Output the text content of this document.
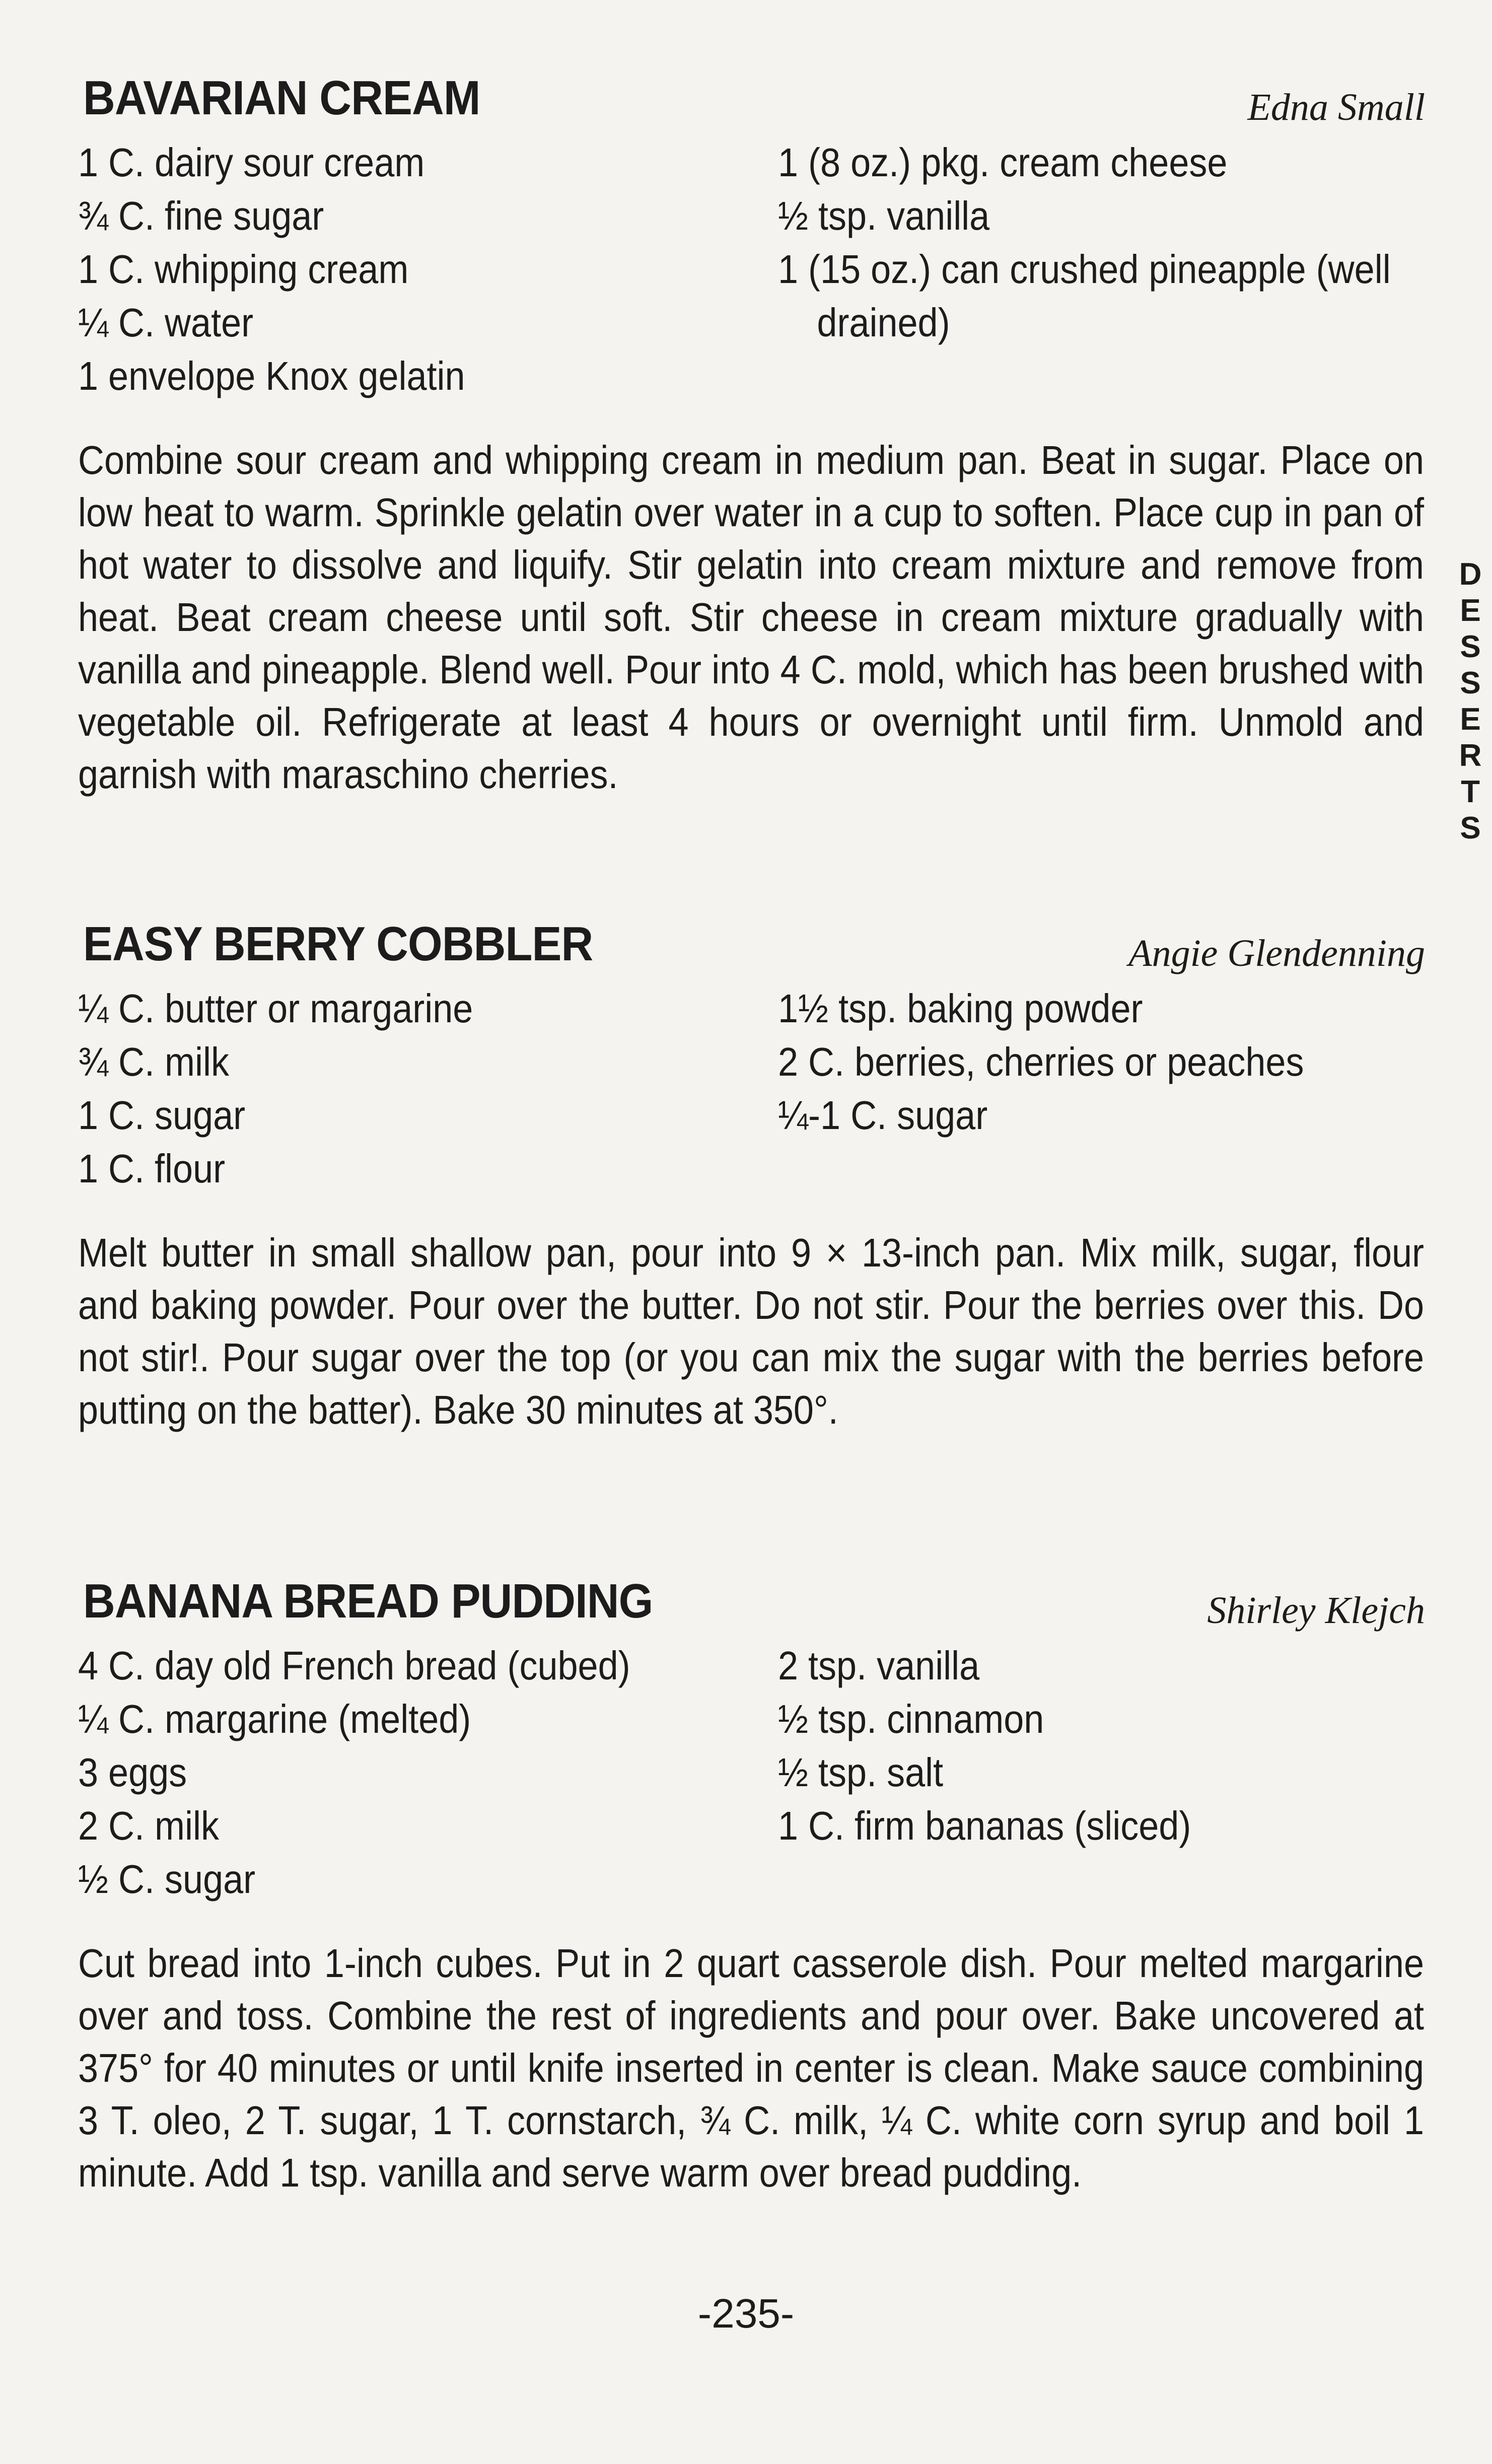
BAVARIAN CREAM	Edna Small
1 C. dairy sour cream
¾ C. fine sugar
1 C. whipping cream
¼ C. water
1 envelope Knox gelatin
1 (8 oz.) pkg. cream cheese
½ tsp. vanilla
1 (15 oz.) can crushed pineapple (well drained)

Combine sour cream and whipping cream in medium pan. Beat in sugar. Place on low heat to warm. Sprinkle gelatin over water in a cup to soften. Place cup in pan of hot water to dissolve and liquify. Stir gelatin into cream mixture and remove from heat. Beat cream cheese until soft. Stir cheese in cream mixture gradually with vanilla and pineapple. Blend well. Pour into 4 C. mold, which has been brushed with vegetable oil. Refrigerate at least 4 hours or overnight until firm. Unmold and garnish with maraschino cherries.

EASY BERRY COBBLER	Angie Glendenning
¼ C. butter or margarine
¾ C. milk
1 C. sugar
1 C. flour
1½ tsp. baking powder
2 C. berries, cherries or peaches
¼-1 C. sugar

Melt butter in small shallow pan, pour into 9 × 13-inch pan. Mix milk, sugar, flour and baking powder. Pour over the butter. Do not stir. Pour the berries over this. Do not stir!. Pour sugar over the top (or you can mix the sugar with the berries before putting on the batter). Bake 30 minutes at 350°.

BANANA BREAD PUDDING	Shirley Klejch
4 C. day old French bread (cubed)
¼ C. margarine (melted)
3 eggs
2 C. milk
½ C. sugar
2 tsp. vanilla
½ tsp. cinnamon
½ tsp. salt
1 C. firm bananas (sliced)

Cut bread into 1-inch cubes. Put in 2 quart casserole dish. Pour melted margarine over and toss. Combine the rest of ingredients and pour over. Bake uncovered at 375° for 40 minutes or until knife inserted in center is clean. Make sauce combining 3 T. oleo, 2 T. sugar, 1 T. cornstarch, ¾ C. milk, ¼ C. white corn syrup and boil 1 minute. Add 1 tsp. vanilla and serve warm over bread pudding.

D
E
S
S
E
R
T
S
-235-
